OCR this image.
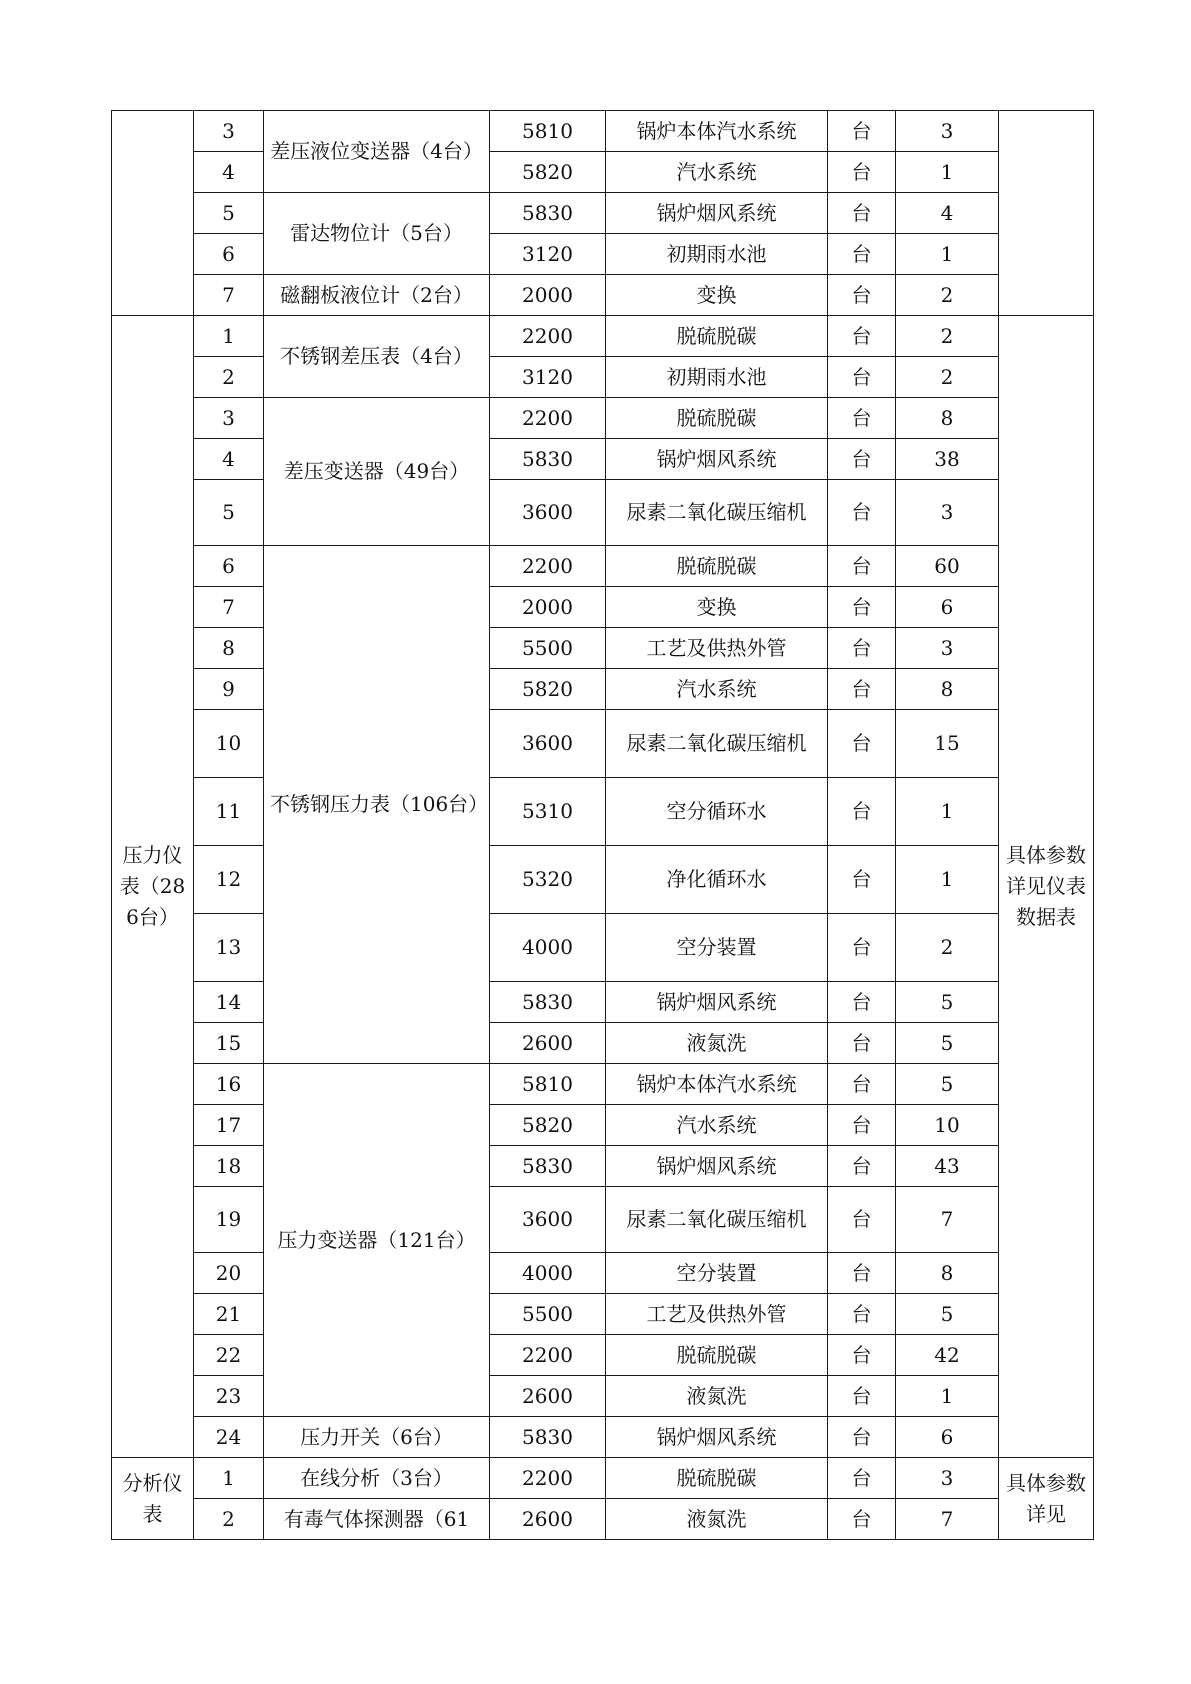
	3	差压液位变送器（4台）	5810	锅炉本体汽水系统	台	3	
	4		5820	汽水系统	台	1	
	5	雷达物位计（5台）	5830	锅炉烟风系统	台	4	
	6		3120	初期雨水池	台	1	
	7	磁翻板液位计（2台）	2000	变换	台	2	
压力仪表（286台）	1	不锈钢差压表（4台）	2200	脱硫脱碳	台	2	具体参数详见仪表数据表
	2		3120	初期雨水池	台	2	
	3	差压变送器（49台）	2200	脱硫脱碳	台	8	
	4		5830	锅炉烟风系统	台	38	
	5		3600	尿素二氧化碳压缩机	台	3	
	6	不锈钢压力表（106台）	2200	脱硫脱碳	台	60	
	7		2000	变换	台	6	
	8		5500	工艺及供热外管	台	3	
	9		5820	汽水系统	台	8	
	10		3600	尿素二氧化碳压缩机	台	15	
	11		5310	空分循环水	台	1	
	12		5320	净化循环水	台	1	
	13		4000	空分装置	台	2	
	14		5830	锅炉烟风系统	台	5	
	15		2600	液氮洗	台	5	
	16	压力变送器（121台）	5810	锅炉本体汽水系统	台	5	
	17		5820	汽水系统	台	10	
	18		5830	锅炉烟风系统	台	43	
	19		3600	尿素二氧化碳压缩机	台	7	
	20		4000	空分装置	台	8	
	21		5500	工艺及供热外管	台	5	
	22		2200	脱硫脱碳	台	42	
	23		2600	液氮洗	台	1	
	24	压力开关（6台）	5830	锅炉烟风系统	台	6	
分析仪表	1	在线分析（3台）	2200	脱硫脱碳	台	3	具体参数详见
	2	有毒气体探测器（61	2600	液氮洗	台	7	
